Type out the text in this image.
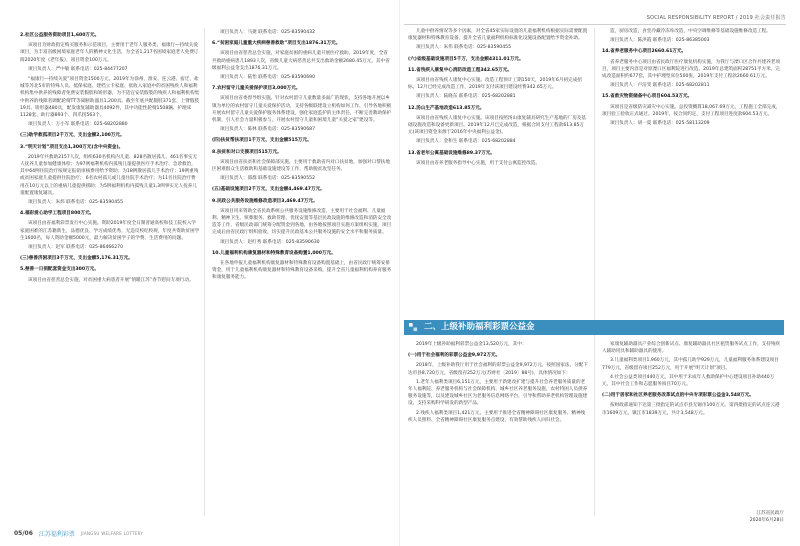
SOCIAL RESPONSIBILITY REPORT / 2019 社会责任报告

2.社区公益服务资助项目1,600万元。

该项目为财政指定购买服务和示范项目，主要用于老年人服务类、福康行—持续关爱项目，为丰富省级困境家庭老年人的精神文化生活，为全省1,217名困境家庭老人免费订阅2020年度《老年报》，项目资金100万元。

项目负责人：严中敏 联系电话：025-84477207

“福康行—持续关爱”项目资金1500万元。2019年为徐州、淮安、连云港、宿迁、盐城等苏北5市的特殊人员、低保家庭、建档立卡家庭、低收入家庭中的贫困残疾人和福利机构集中供养的残障者免费安装假肢和矫形器，为不适宜安装假肢的残疾人和福利机构集中供养的残障者调配轮椅TT等离断助器具1,200具。截至年底共配假肢371套、上臂假肢19具、矫形器480具，配发康复辅助器具4092件，其中功能性轮椅1508辆、护理床1128套、助行器893个、四爪拐563个。

项目负责人：万小军 联系电话：025-68202880

(三)助学救孤项目2千万元，支出金额2,100万元。

3.“明天计划”项目支出1,300万元(含中央资金)。

2019年共救助2157人次，组织630名机构内儿童、828名散居孤儿、461名事实无人抚养儿童参加健康体检；为97例福利机构内孤残儿童提供医疗手术治疗、急诊救治，其中64例住院治疗按规定报销审核费用给予资助；为18例散居孤儿手术治疗；19例重残或贫困家庭儿童提供住院治疗； 6名农村孤儿或儿童住院手术治疗；为11名住院治疗费用在10万元以上的重病儿童提供援助；为5例福利机构内孤残儿童1,3例事实无人抚养儿童配置康复辅具。

项目负责人：朱炜 联系电话：025-83590455

4.福彩爱心助学工程项目800万元。

该项目由省福利彩票发行中心实施。资助2019年度全日制普通高校和技工院校入学家庭困难的江苏籍新生，品德优良、学习成绩优秀，无违反校纪校规，年度共资助贫困学生1600名，每人资助金额5000元，最力解决贫困学子的学费、生活费用的问题。

项目负责人：赵军 联系电话：025-86466270

(三)慈善济困项目3千万元，支出金额5,176.31万元。

5.慈善一日捐配套资金支出300万元。

该项目由省慈善总会实施，对贫困重大病患者开展“情暖江苏”春节慰问专项行动。

项目负责人：马捷 联系电话：025-83590432

6.“贫困家庭儿童重大疾病慈善救助”项目支出1876.31万元。

该项目由省慈善总会实施，对家庭贫困的重病儿童开展医疗救助。2019年度，全省共救助重病患儿1893人次，省级儿童大病慈善总共支出救助金额2680.45万元，其中省级福利公益金支出1876.31万元。

项目负责人：陆怡 联系电话：025-83590690

7.农村留守儿童关爱保护项目3,000万元。

该项目由省委督导组实施。针对农村留守儿童数量多面广的现状，支持各地开展以乡镇为单位的农村留守儿童关爱保护活动，支持各级联建设立机构如何工作、引导各地积极开展农村留守儿童关爱保护服务体系建设，强化家庭监护的主体责任，不断完善教助保护机制，引人社会力量积极参与，开展农村留守儿童和困境儿童“关爱之家”建设等。

项目负责人：陈林 联系电话：025-83590687

(四)扶贫帮扶项目1千万元，支出金额515万元。

8.扶贫和对口支援项目515万元。

该项目由省扶贫和社会保障部实施。主要用于救助省内对口扶贫地，加强对口帮扶地区困难群众生活救助和基础设施建设等工作，帮助脱贫攻坚任务。

项目负责人：邵群 联系电话：025-83590552

(五)基础设施项目2千万元，支出金额4,469.47万元。

9.民政公共服务设施维修改造项目3,469.47万元。

该项目用来资助全省民政系统公共服务设施维修改造，主要用于社会福利、儿童福利、精神卫生、殡葬服务、救助管理、优抚安置等基层民政设施的维修改造和消防安全改造等工作，省级民政部门统筹分配资金到各地，由各地按照项目实施方案组织实施，项目完成后由省民政厅组织验收，切实提升民政基本公共服务设施的安全水平和服务质量。

项目负责人：赵红秀 联系电话：025-83590630

10.儿童福利机构康复器材和特殊教育设备购置1,000万元。

在各地申报儿童福利机构康复器材和特殊教育设备购置基础上，由省民政厅统筹安排资金，用于儿童福利机构康复器材和特殊教育设备采购，提升全省儿童福利机构养育服务和康复服务能力。

儿童中供养情况等多个因素，对全省45家实际设置的儿童福利机构根据实际需要配置康复器材和特殊教育设备，提升全省儿童福利机构标准化设施设备配置给予资金补助。

项目负责人：朱伟 联系电话：025-83590455

(六)省级基础设施项目5千万，支出金额4311.01万元。

11.省残疾人康复中心消防改造工程342.65万元。

该项目由省残疾人康复中心实施。改造工程预计工期150天，2019年6月初完成招标，12月已经完成改造工作，2019年支付该项目建设经费342.65万元。

项目负责人：陆晓东 联系电话：025-68202881

12.汤山生产基地改造613.85万元。

该项目由省残疾人康复中心实施。该项目按照汤山康复辅具研究生产基地的厂房及基础设施改造和设备更新项目。2019年12月已完成改造，根据合同支付工程款613.85万元(该项目资金来源于2016年中央福利公益金)。

项目负责人：金和生 联系电话：025-68202884

13.省老年公寓基础设施维修89.37万元。

该项目由省养老服务指导中心实施，用于支付公寓监控改造。

造，厨房改造，食堂冷藏冷冻库改造，中央空调维修等基础设施维修改造工程。

项目负责人：陈洪霞 联系电话：025-86385003

14.省养老服务中心项目2660.61万元。

省养老服务中心项目由省民政厅医疗康复机构实施，为我厅与溧口区合作共建养老项目，项目主要内容是对原溧口区福利院进行改造。2019年总建筑面积28751平方米，完成改造面积约677套，其中护理型床位500张，2019年支付工程款2660.61万元。

项目负责人：卢洁雯 联系电话：025-68202811

15.省救灾物资储备中心项目604.53万元。

该项目是省级防灾减灾中心实施。总投资概算18,067.69万元，工程施工全部完成，项目验工验收正式通过。2019年，按合同约定，支付工程项目进度款604.53万元。

项目负责人：胡一夏 联系电话：025-58113209

二、上级补助福利彩票公益金
江苏省民政厅
2020年6月28日
05/06 江苏福利彩票 JIANGSU WELFARE LOTTERY

2019年上级补助福利彩票公益金13,520万元，其中：

(一)用于社会福利的彩票公益金9,972万元。

2018年，上级补助我厅用于社会福利的彩票公益金9,972万元，按照国家法，分配下达市县8,720万元，省级留存252万元(苏财社〔2019〕88号)，具体情况如下：

1.老年人福利类项目6,151万元，主要用于新建改扩建与提升社会养老服务质量的老年人福利院、养老服务机构与社会保障机构、城乡社区养老服务设施、农村特困人员供养服务设施等，以及建设城乡社区为老服务信息网络平台，引导和帮助养老机构管理设施建设、支持采购科学研发的新型产品。

2.残疾人福利类项目1,421万元，主要用于推进全省精神障碍社区康复服务、精神残疾人员照料、全省精神障碍社区康复服务点建设、有效帮助残疾人回归社会。

家康复辅助器具产业综合创新试点、康复辅助器具社区租赁服务试点工作，支持残疾人辅助用具和辅助器具的使用。

3.儿童福利类项目1,960万元，其中孤儿助学929万元，儿童福利服务体系建设项目779万元，省级留存项目252万元，用于开展“明天计划”项目。

4.社会公益类项目440万元，其中用于未成年人救助保护中心建设项目补助440万元，其中社会工作和志愿服务项目70万元。

(二)用于居家和社区养老服务改革试点的中央专项彩票公益金3,548万元。

按财政部通知下达第三批指定的试点市县无锡市100万元，第四批指定的试点连云港市1609万元，镇江市1839万元，共计3,548万元。
